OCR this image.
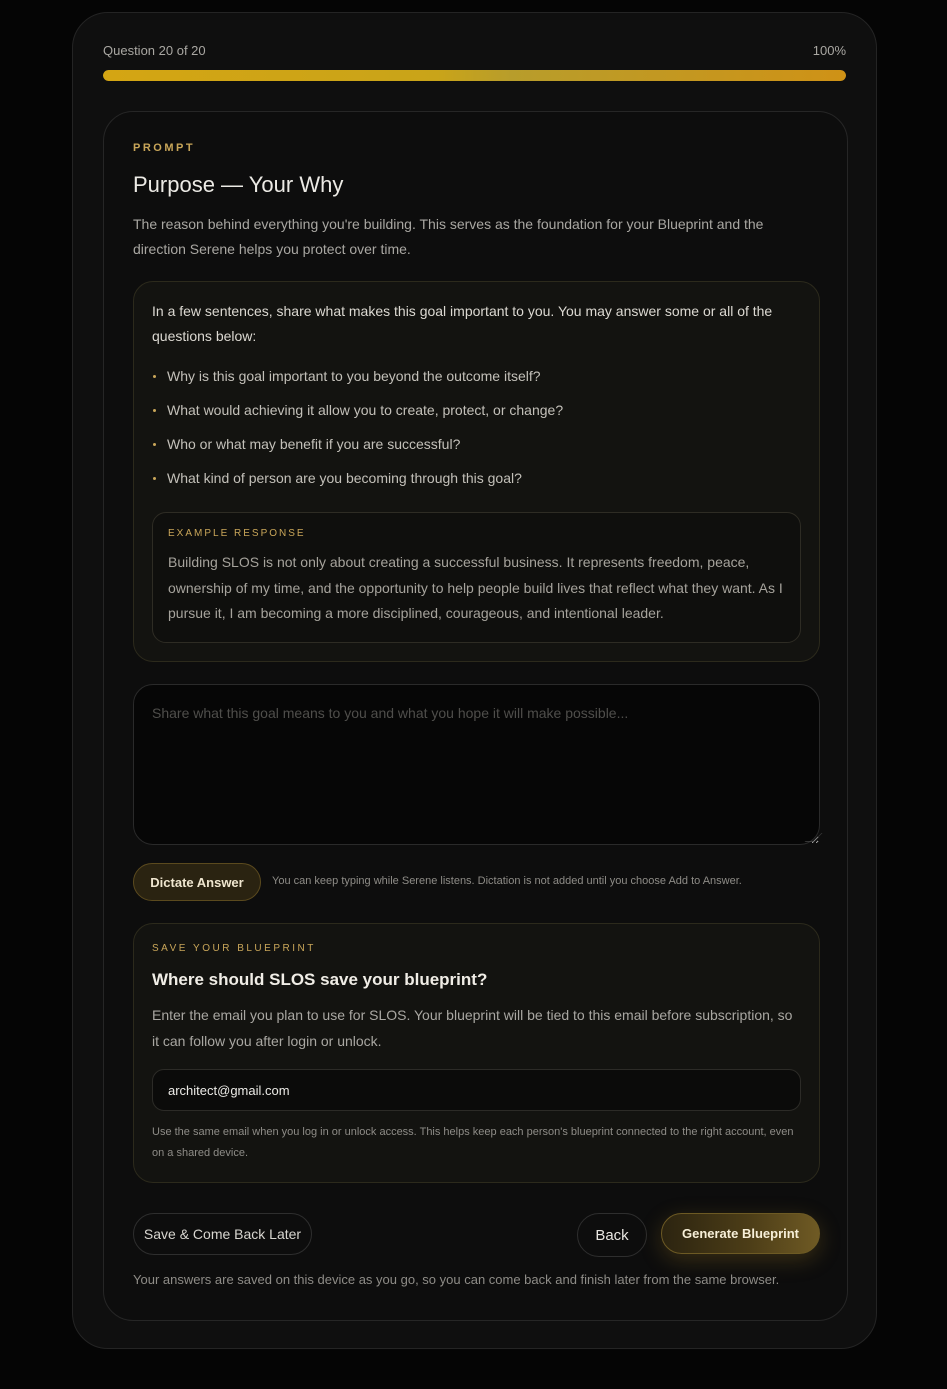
Question 20 of 20	100%
PROMPT
Purpose — Your Why

The reason behind everything you're building. This serves as the foundation for your Blueprint and the direction Serene helps you protect over time.

In a few sentences, share what makes this goal important to you. You may answer some or all of the questions below:

Why is this goal important to you beyond the outcome itself?
What would achieving it allow you to create, protect, or change?
Who or what may benefit if you are successful?
What kind of person are you becoming through this goal?
EXAMPLE RESPONSE

Building SLOS is not only about creating a successful business. It represents freedom, peace, ownership of my time, and the opportunity to help people build lives that reflect what they want. As I pursue it, I am becoming a more disciplined, courageous, and intentional leader.

Share what this goal means to you and what you hope it will make possible...
Dictate Answer	You can keep typing while Serene listens. Dictation is not added until you choose Add to Answer.
SAVE YOUR BLUEPRINT
Where should SLOS save your blueprint?

Enter the email you plan to use for SLOS. Your blueprint will be tied to this email before subscription, so it can follow you after login or unlock.

architect@gmail.com

Use the same email when you log in or unlock access. This helps keep each person's blueprint connected to the right account, even on a shared device.

Save & Come Back Later	Back	Generate Blueprint

Your answers are saved on this device as you go, so you can come back and finish later from the same browser.
